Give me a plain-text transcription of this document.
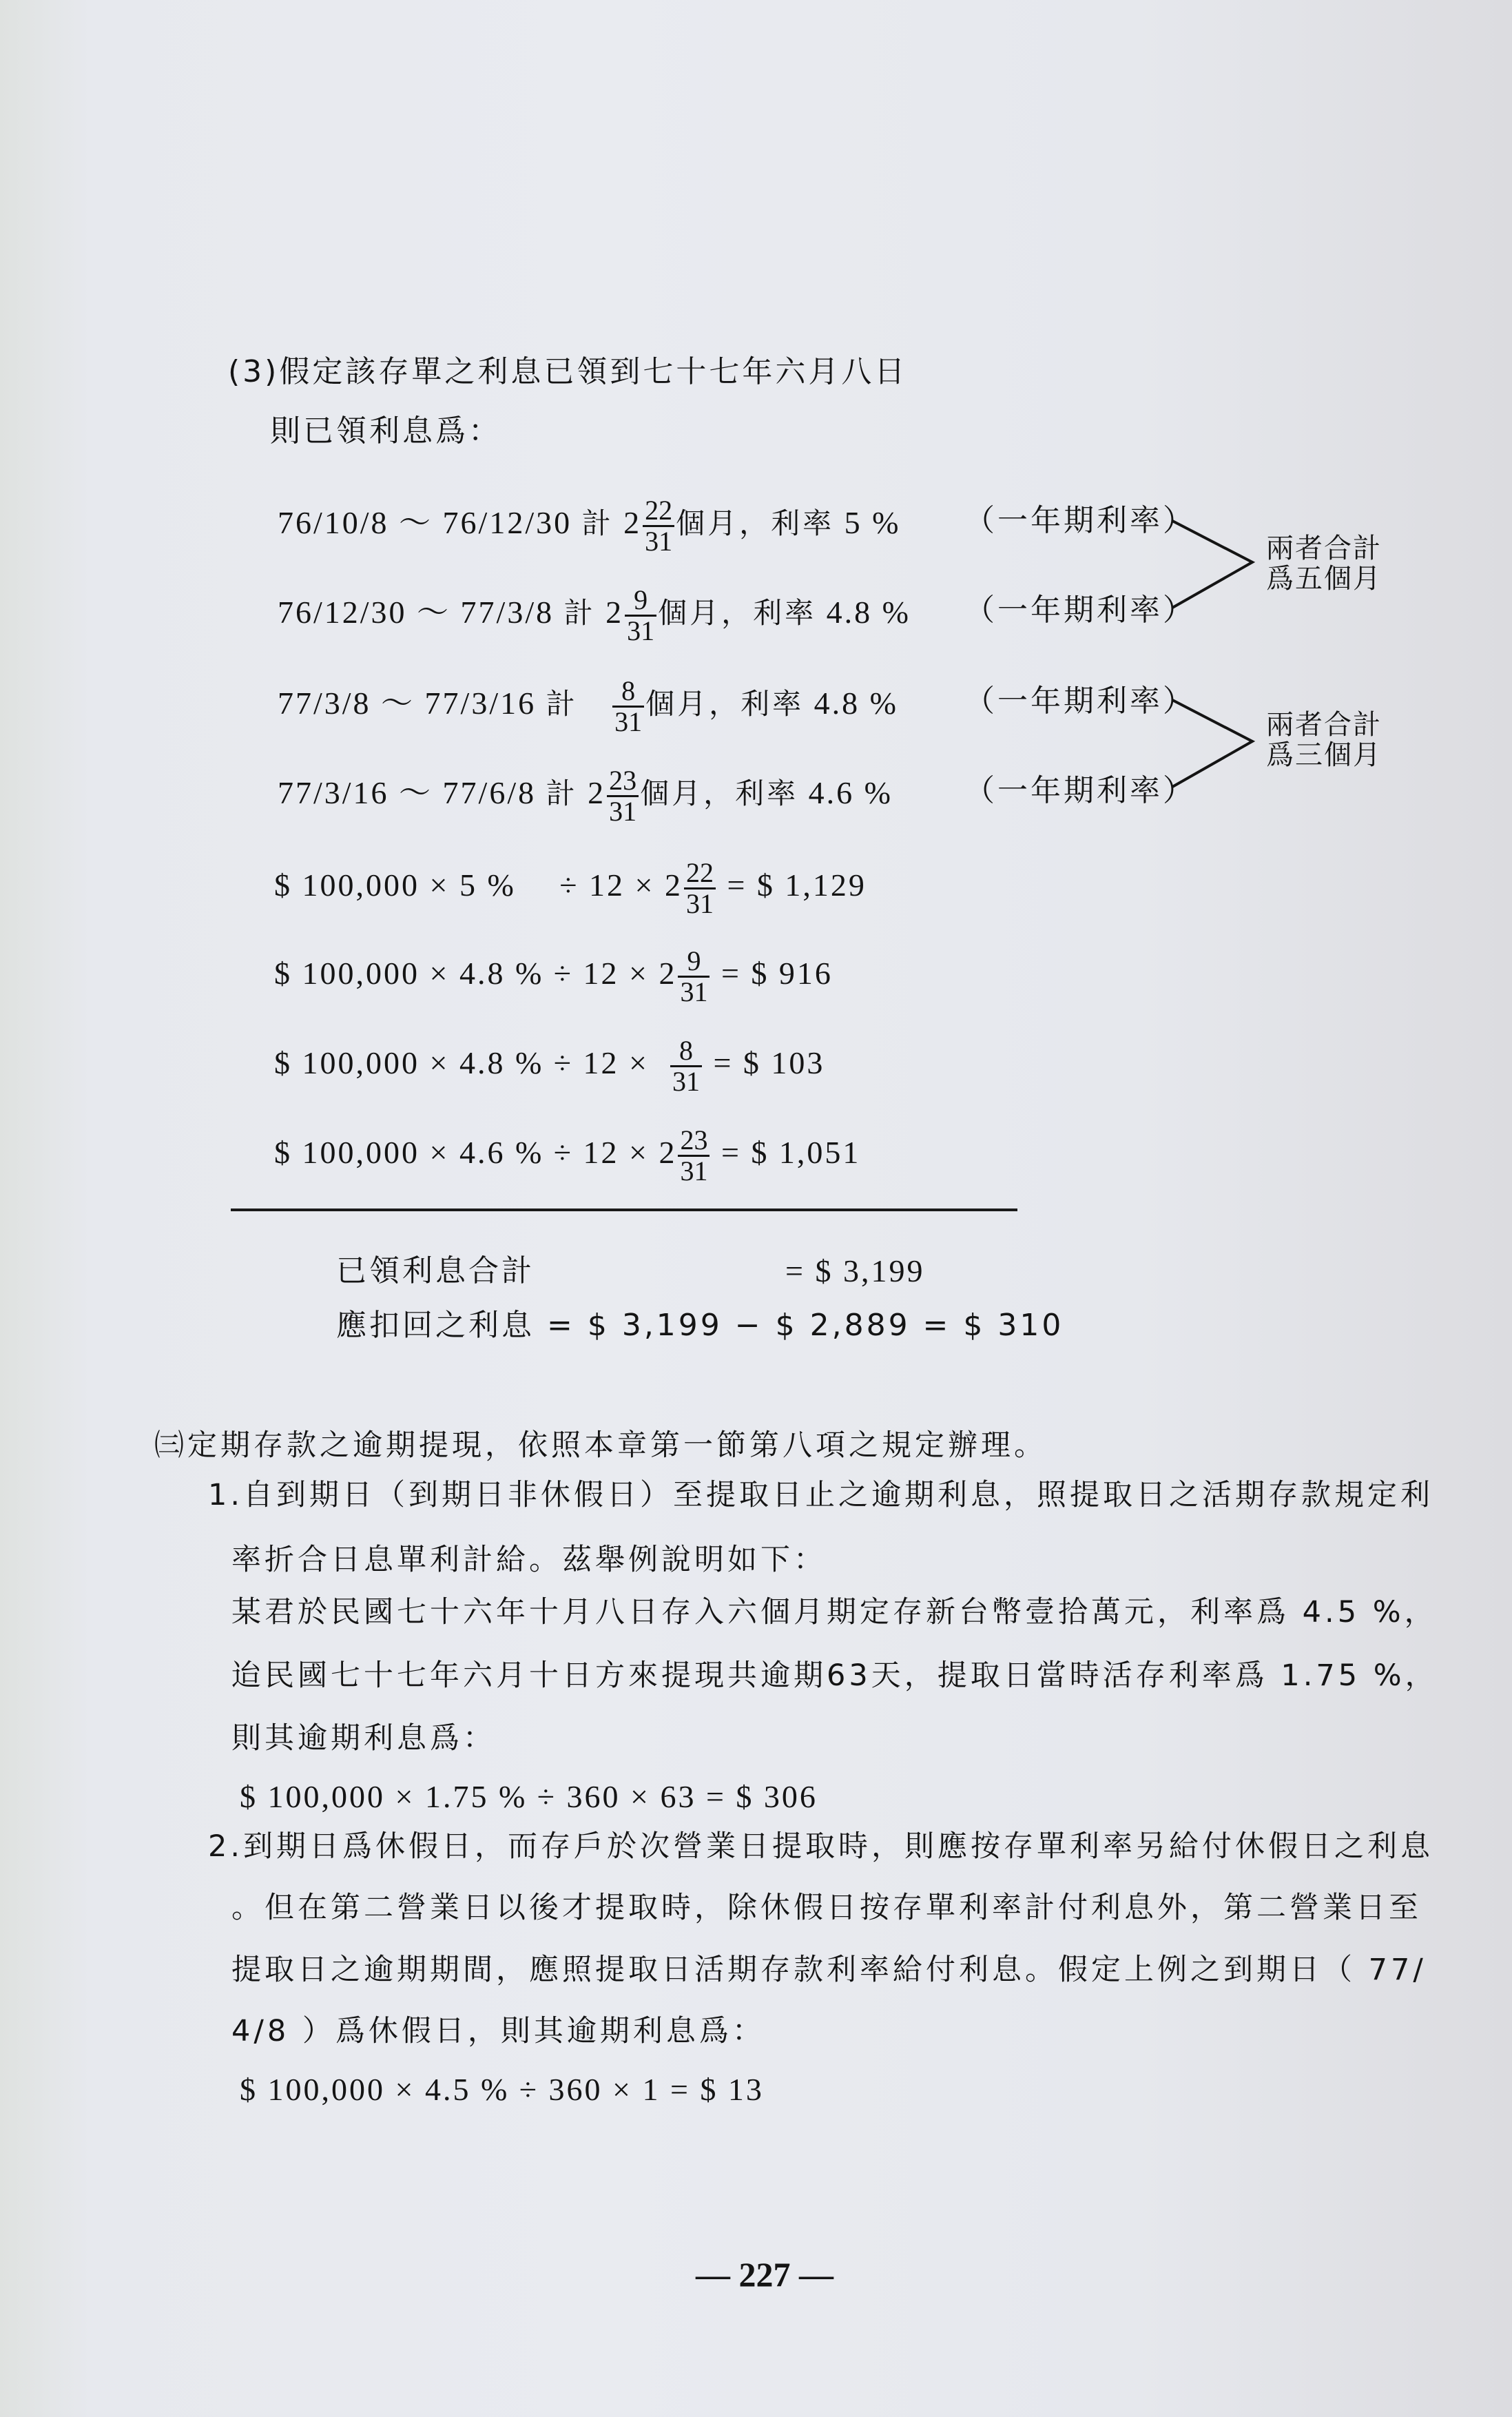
(3)假定該存單之利息已領到七十七年六月八日
則已領利息爲：
76/10/8 ～ 76/12/30 計 $2 \frac{22}{31}$ 個月，利率 5 % （一年期利率）
76/12/30 ～ 77/3/8 計 $2 \frac{9}{31}$ 個月，利率 4.8 % （一年期利率）
77/3/8 ～ 77/3/16 計 $\frac{8}{31}$ 個月，利率 4.8 % （一年期利率）
77/3/16 ～ 77/6/8 計 $2 \frac{23}{31}$ 個月，利率 4.6 % （一年期利率）
兩者合計
爲五個月
兩者合計
爲三個月
$ 100,000 × 5 %　 ÷ $12 \times 2 \frac{22}{31}$ = $ 1,129
$ 100,000 × 4.8 % ÷ $12 \times 2 \frac{9}{31}$ = $ 916
$ 100,000 × 4.8 % ÷ $12 \times \frac{8}{31}$ = $ 103
$ 100,000 × 4.6 % ÷ $12 \times 2 \frac{23}{31}$ = $ 1,051
已領利息合計	= $ 3,199
應扣回之利息 = $ 3,199 − $ 2,889 = $ 310
㈢定期存款之逾期提現，依照本章第一節第八項之規定辦理。
1.自到期日（到期日非休假日）至提取日止之逾期利息，照提取日之活期存款規定利
率折合日息單利計給。茲舉例說明如下：
某君於民國七十六年十月八日存入六個月期定存新台幣壹拾萬元，利率爲 4.5 %，
迨民國七十七年六月十日方來提現共逾期63天，提取日當時活存利率爲 1.75 %，
則其逾期利息爲：
$ 100,000 × 1.75 % ÷ 360 × 63 = $ 306
2.到期日爲休假日，而存戶於次營業日提取時，則應按存單利率另給付休假日之利息
。但在第二營業日以後才提取時，除休假日按存單利率計付利息外，第二營業日至
提取日之逾期期間，應照提取日活期存款利率給付利息。假定上例之到期日（ 77/
4/8 ）爲休假日，則其逾期利息爲：
$ 100,000 × 4.5 % ÷ 360 × 1 = $ 13
— 227 —
